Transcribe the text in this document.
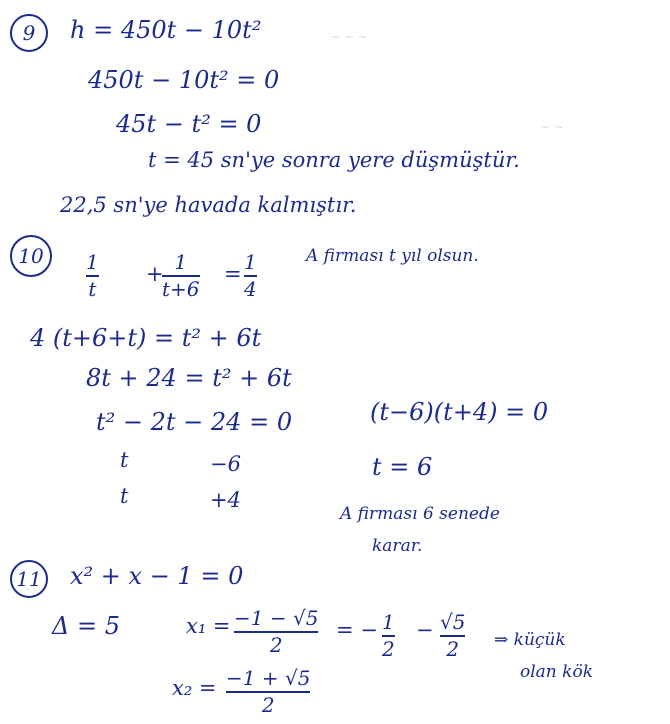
~ ~ ~
~ ~
9	h = 450t − 10t²
450t − 10t² = 0
45t − t² = 0
t = 45 sn'ye sonra yere düşmüştür.
22,5 sn'ye havada kalmıştır.
10	1
t
+ 1
t+6
= 1
4
A firması t yıl olsun.
4 (t+6+t) = t² + 6t
8t + 24 = t² + 6t
t² − 2t − 24 = 0	(t−6)(t+4) = 0
t	−6
t	+4
t = 6
A firması 6 senede
karar.
11 x² + x − 1 = 0
Δ = 5	x₁ = −1 − √5
2
= − 1
2
− √5
2 ⇒ küçük
olan kök
x₂ = −1 + √5
2
